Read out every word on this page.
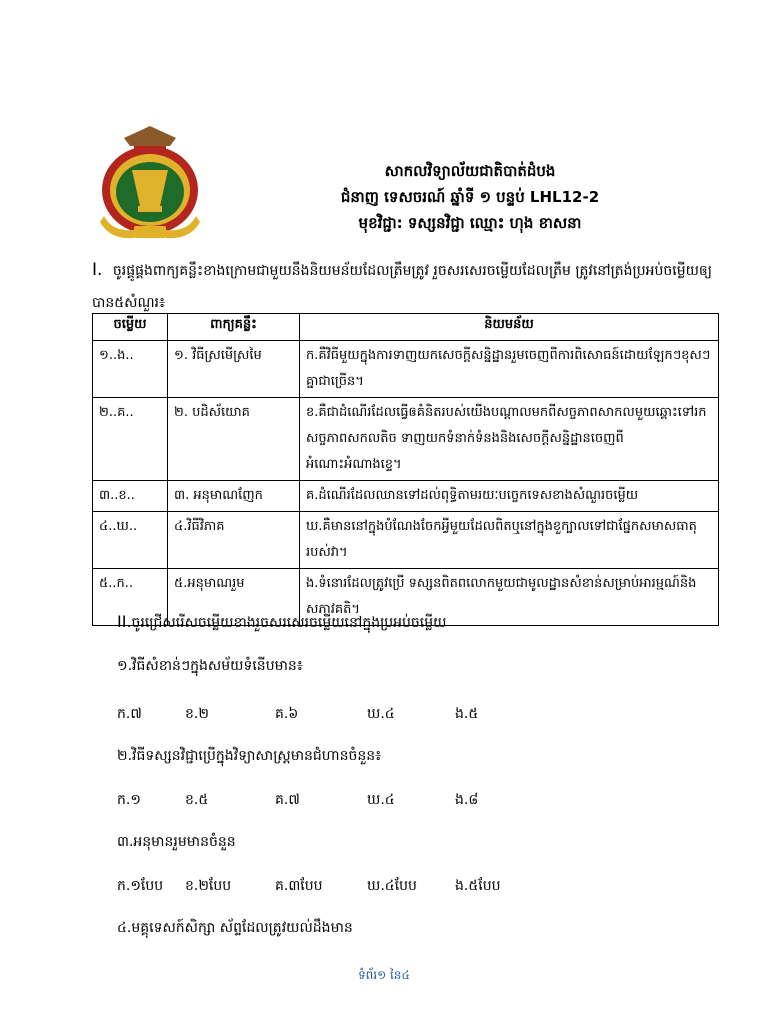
សាកលវិទ្យាល័យជាតិបាត់ដំបង
ជំនាញ ទេសចរណ៍ ឆ្នាំទី ១ បន្ទប់ LHL12-2
មុខវិជ្ជា: ទស្សនវិជ្ជា ឈ្មោះ ហុង ខាសនា
I. ចូរផ្គូផ្គងពាក្យគន្លឹះខាងក្រោមជាមួយនឹងនិយមន័យដែលត្រឹមត្រូវ រួចសរសេរចម្លើយដែលត្រឹម ត្រូវនៅត្រង់ប្រអប់ចម្លើយឲ្យបាន៥សំណួរ៖
ចម្លើយ	ពាក្យគន្លឹះ	និយមន័យ
១..ង..	១. វិធីស្រមើស្រមៃ	ក.គឺវិធីមួយក្នុងការទាញយកសេចក្តីសន្និដ្ឋានរួមចេញពីការពិសោធន៍ដោយឡែកៗខុសៗគ្នាជាច្រើន។
២..គ..	២. បដិស័យោគ	ខ.គឺជាដំណើរដែលធ្វើឲគំនិតរបស់យើងបណ្តាលមកពីសច្ចភាពសាកលមួយឆ្ពោះទៅរកសច្ចភាពសកលតិច ទាញយកទំនាក់ទំនងនិងសេចក្តីសន្និដ្ឋានចេញពីអំណោះអំណាងខ្ទេ។
៣..ខ..	៣. អនុមាណញែក	គ.ដំណើរដែលឈានទៅដល់ពុទ្ធិតាមរយៈបច្ចេកទេសខាងសំណួរចម្លើយ
៤..ឃ..	៤.វិធីវិភាគ	ឃ.គឺមាននៅក្នុងបំណែងចែកអ្វីមួយដែលពិតឬនៅក្នុងខួក្បាលទៅជាផ្នែកសមាសធាតុរបស់វា។
៥..ក..	៥.អនុមាណរួម	ង.ទំនោរដែលត្រូវប្រើ ទស្សនពិតពលោកមួយជាមូលដ្ឋានសំខាន់សម្រាប់អារម្មណ៍និងសភាវគតិ។
II.ចូរជ្រើសរើសចម្លើយខាងរួចសរសេរចម្លើយនៅក្នុងប្រអប់ចម្លើយ
១.វិធីសំខាន់ៗក្នុងសម័យទំនើបមាន៖
ក.៧	ខ.២	គ.៦	ឃ.៤	ង.៥
២.វិធីទស្សនវិជ្ជាប្រើក្នុងវិទ្យាសាស្រ្តមានជំហានចំនួន៖
ក.១	ខ.៥	គ.៧	ឃ.៤	ង.៨
៣.អនុមានរួមមានចំនួន
ក.១បែប ខ.២បែប	គ.៣បែប	ឃ.៤បែប	ង.៥បែប
៤.មគ្គុទេសក៍សិក្សា ស័ព្ទដែលត្រូវយល់ដឹងមាន
ទំព័រ១ នៃ៤
